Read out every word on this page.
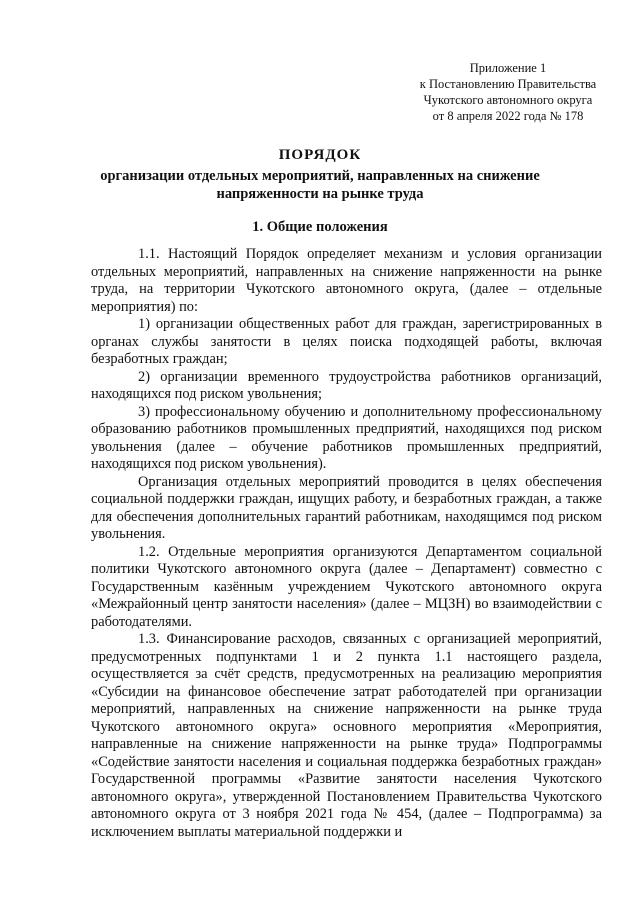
Приложение 1
к Постановлению Правительства
Чукотского автономного округа
от 8 апреля 2022 года № 178
ПОРЯДОК
организации отдельных мероприятий, направленных на снижение
напряженности на рынке труда
1. Общие положения

1.1. Настоящий Порядок определяет механизм и условия организации отдельных мероприятий, направленных на снижение напряженности на рынке труда, на территории Чукотского автономного округа, (далее – отдельные мероприятия) по:

1) организации общественных работ для граждан, зарегистрированных в органах службы занятости в целях поиска подходящей работы, включая безработных граждан;

2) организации временного трудоустройства работников организаций, находящихся под риском увольнения;

3) профессиональному обучению и дополнительному профессиональному образованию работников промышленных предприятий, находящихся под риском увольнения (далее – обучение работников промышленных предприятий, находящихся под риском увольнения).

Организация отдельных мероприятий проводится в целях обеспечения социальной поддержки граждан, ищущих работу, и безработных граждан, а также для обеспечения дополнительных гарантий работникам, находящимся под риском увольнения.

1.2. Отдельные мероприятия организуются Департаментом социальной политики Чукотского автономного округа (далее – Департамент) совместно с Государственным казённым учреждением Чукотского автономного округа «Межрайонный центр занятости населения» (далее – МЦЗН) во взаимодействии с работодателями.

1.3. Финансирование расходов, связанных с организацией мероприятий, предусмотренных подпунктами 1 и 2 пункта 1.1 настоящего раздела, осуществляется за счёт средств, предусмотренных на реализацию мероприятия «Субсидии на финансовое обеспечение затрат работодателей при организации мероприятий, направленных на снижение напряженности на рынке труда Чукотского автономного округа» основного мероприятия «Мероприятия, направленные на снижение напряженности на рынке труда» Подпрограммы «Содействие занятости населения и социальная поддержка безработных граждан» Государственной программы «Развитие занятости населения Чукотского автономного округа», утвержденной Постановлением Правительства Чукотского автономного округа от 3 ноября 2021 года № 454, (далее – Подпрограмма) за исключением выплаты материальной поддержки и
